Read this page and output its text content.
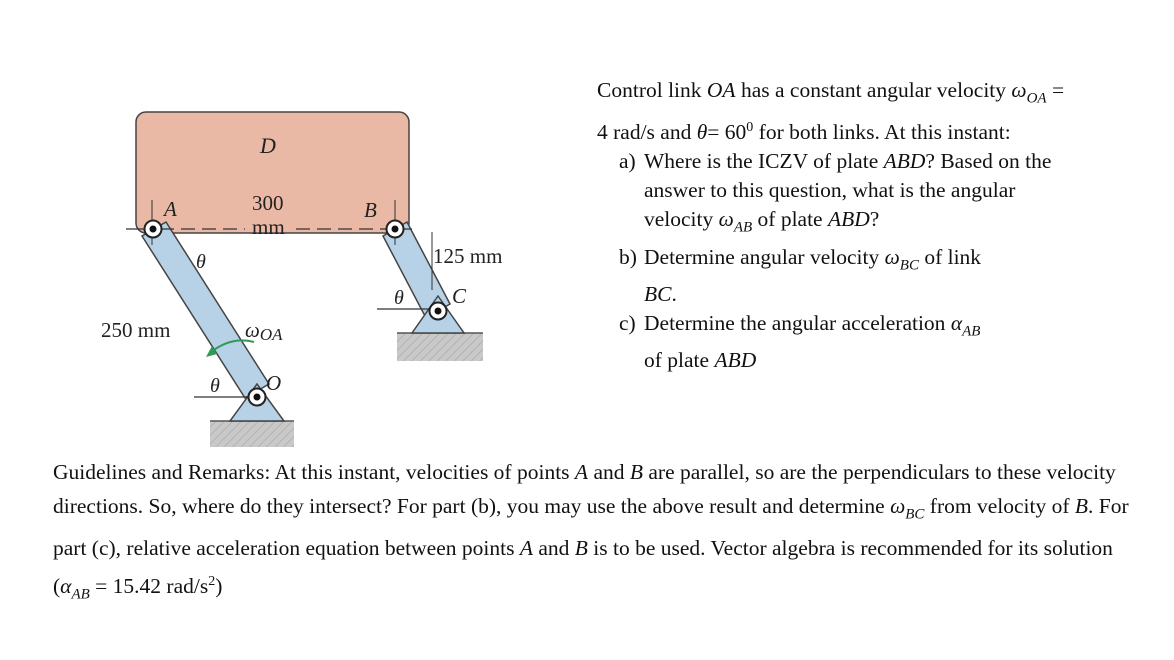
D
A	B
C
O
300
mm
125 mm
250 mm
θ
θ
θ
ωOA

Control link OA has a constant angular velocity $\omega_{OA} = 4$ rad/s and $\theta= 60^0$ for both links. At this instant:

a) Where is the ICZV of plate ABD? Based on the answer to this question, what is the angular velocity $\omega_{AB}$ of plate ABD?

b) Determine angular velocity $\omega_{BC}$ of link
BC.

c) Determine the angular acceleration $\alpha_{AB}$
of plate ABD

Guidelines and Remarks: At this instant, velocities of points A and B are parallel, so are the perpendiculars to these velocity directions. So, where do they intersect? For part (b), you may use the above result and determine $\omega_{BC}$ from velocity of B. For part (c), relative acceleration equation between points A and B is to be used. Vector algebra is recommended for its solution ($\alpha_{AB} = 15.42$ rad/$s^2$)
